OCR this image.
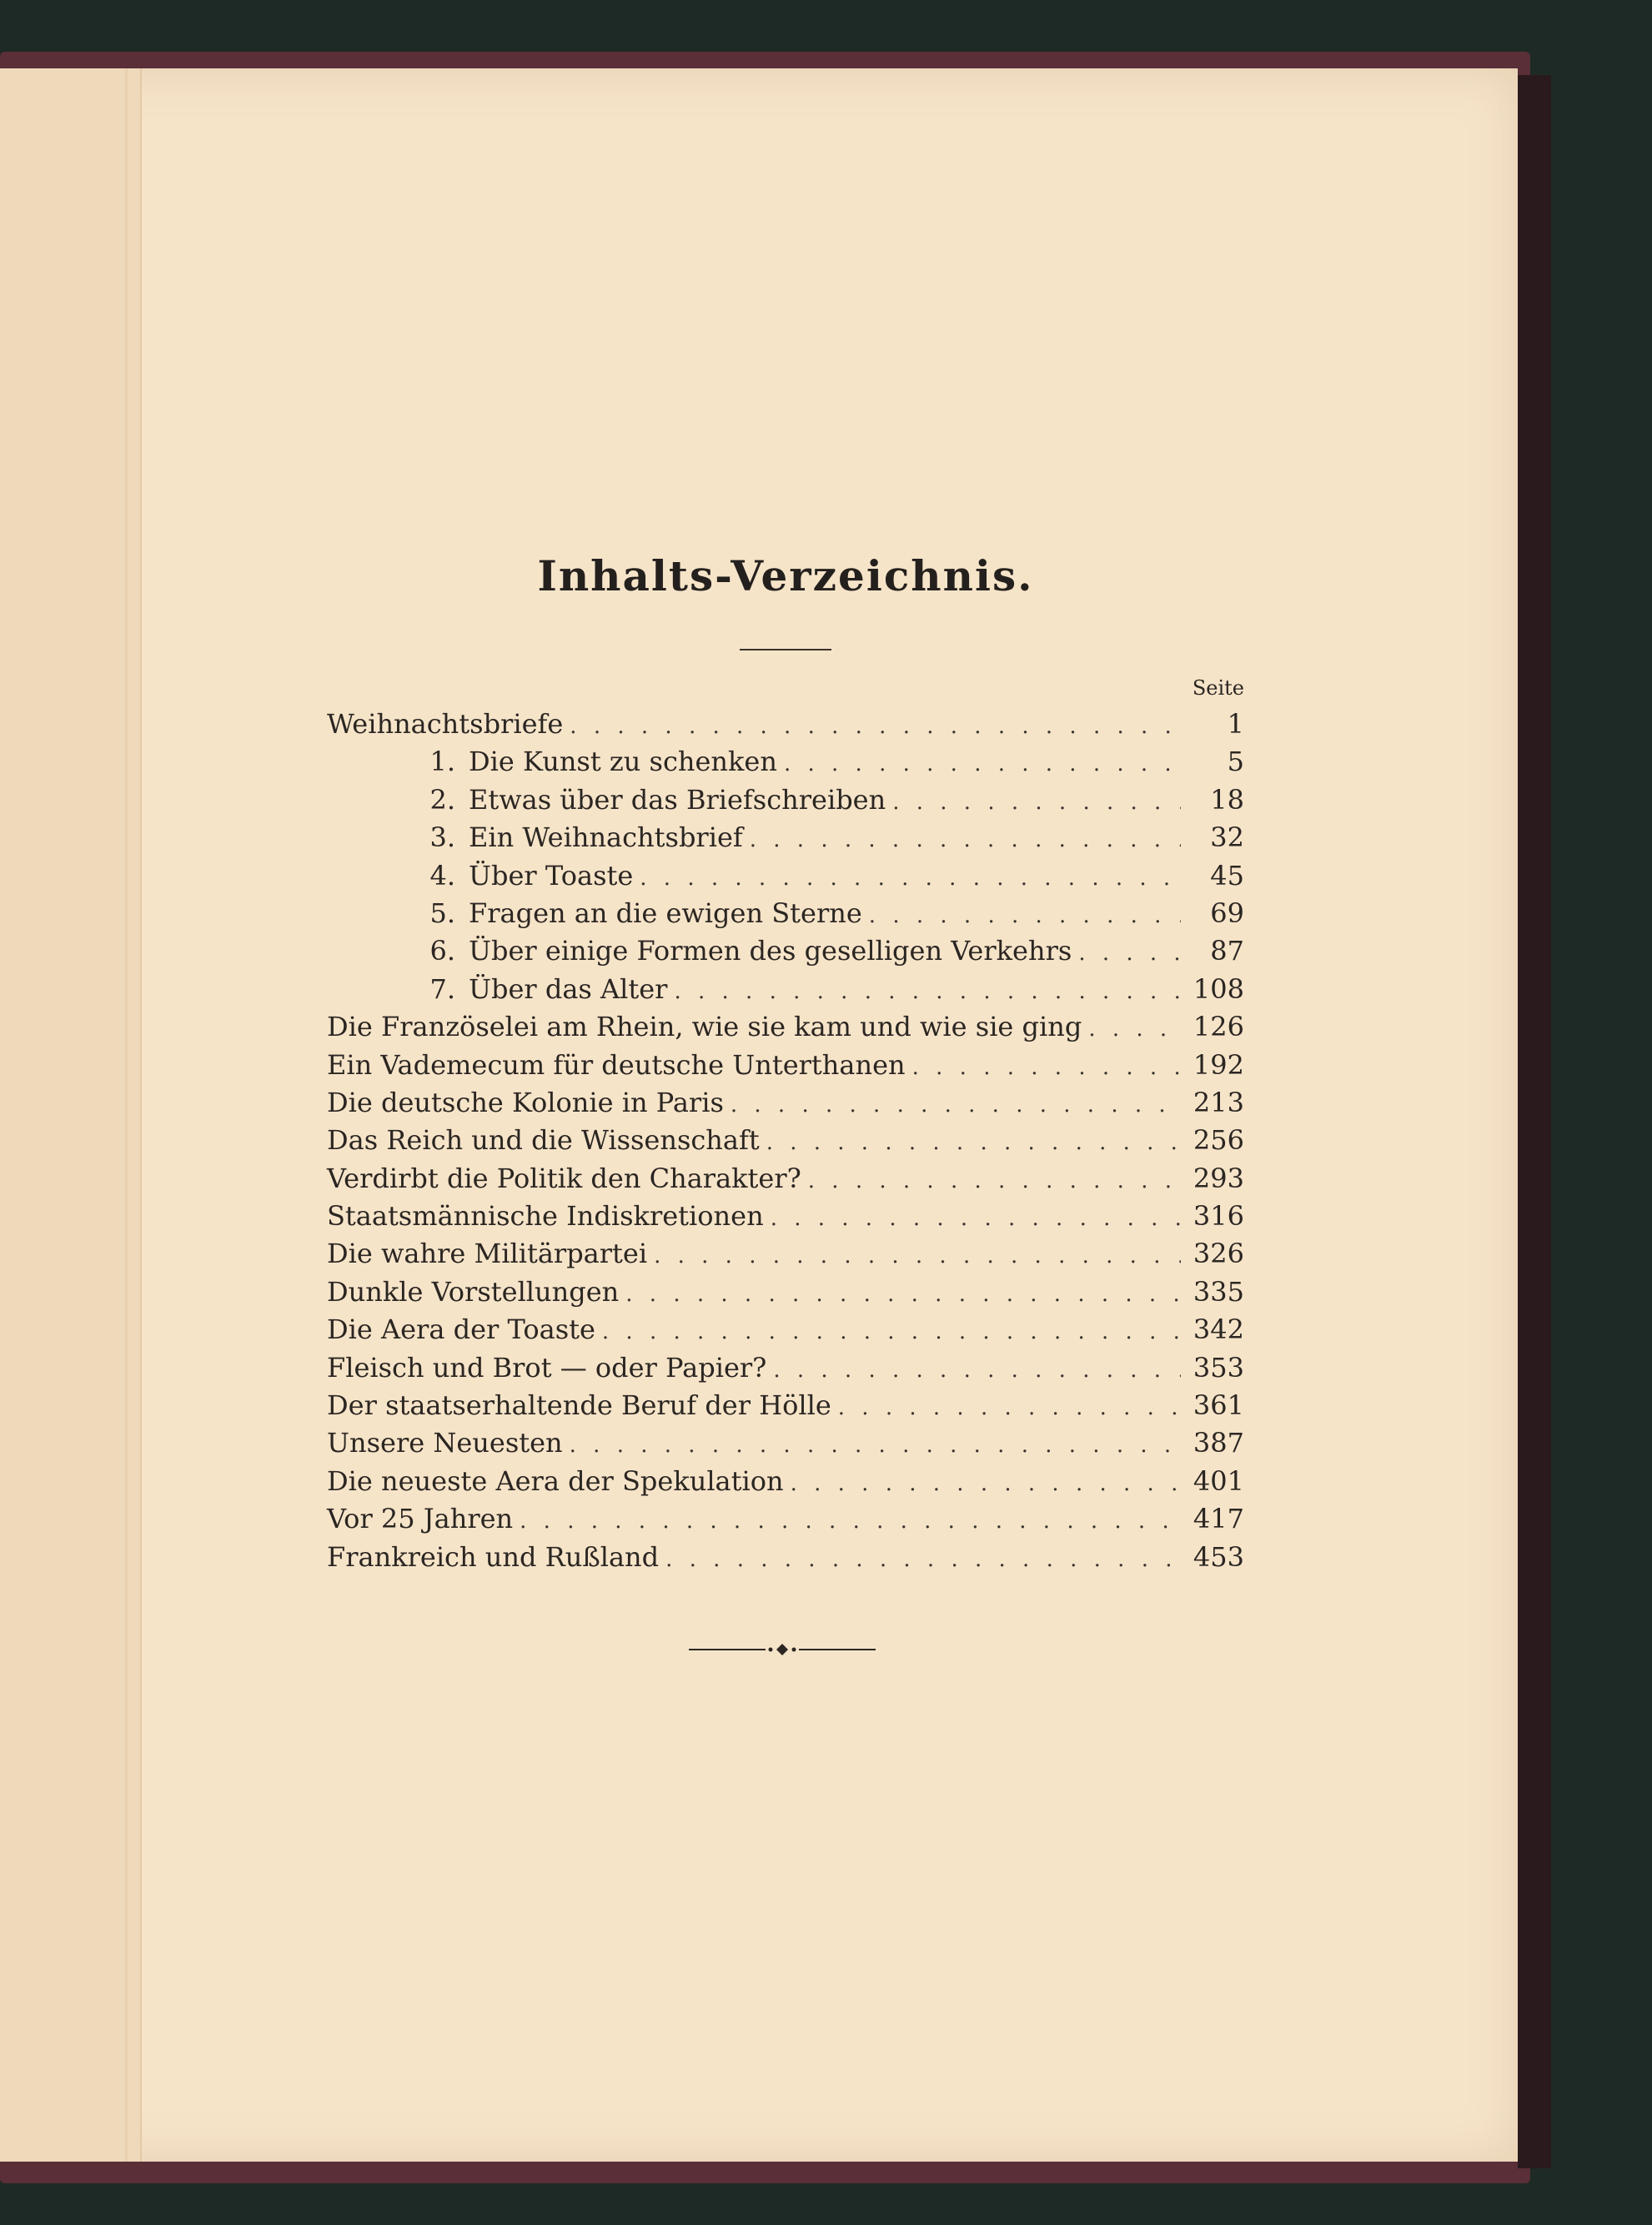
Inhalts-Verzeichnis.
Seite
Weihnachtsbriefe . . .	1
1. Die Kunst zu schenken . . .	5
2. Etwas über das Briefschreiben . . .	18
3. Ein Weihnachtsbrief . . .	32
4. Über Toaste . . .	45
5. Fragen an die ewigen Sterne . . .	69
6. Über einige Formen des geselligen Verkehrs . . .	87
7. Über das Alter . . .	108
Die Französelei am Rhein, wie sie kam und wie sie ging . . .	126
Ein Vademecum für deutsche Unterthanen . . .	192
Die deutsche Kolonie in Paris . . .	213
Das Reich und die Wissenschaft . . .	256
Verdirbt die Politik den Charakter? . . .	293
Staatsmännische Indiskretionen . . .	316
Die wahre Militärpartei . . .	326
Dunkle Vorstellungen . . .	335
Die Aera der Toaste . . .	342
Fleisch und Brot — oder Papier? . . .	353
Der staatserhaltende Beruf der Hölle . . .	361
Unsere Neuesten . . .	387
Die neueste Aera der Spekulation . . .	401
Vor 25 Jahren . . .	417
Frankreich und Rußland . . .	453
